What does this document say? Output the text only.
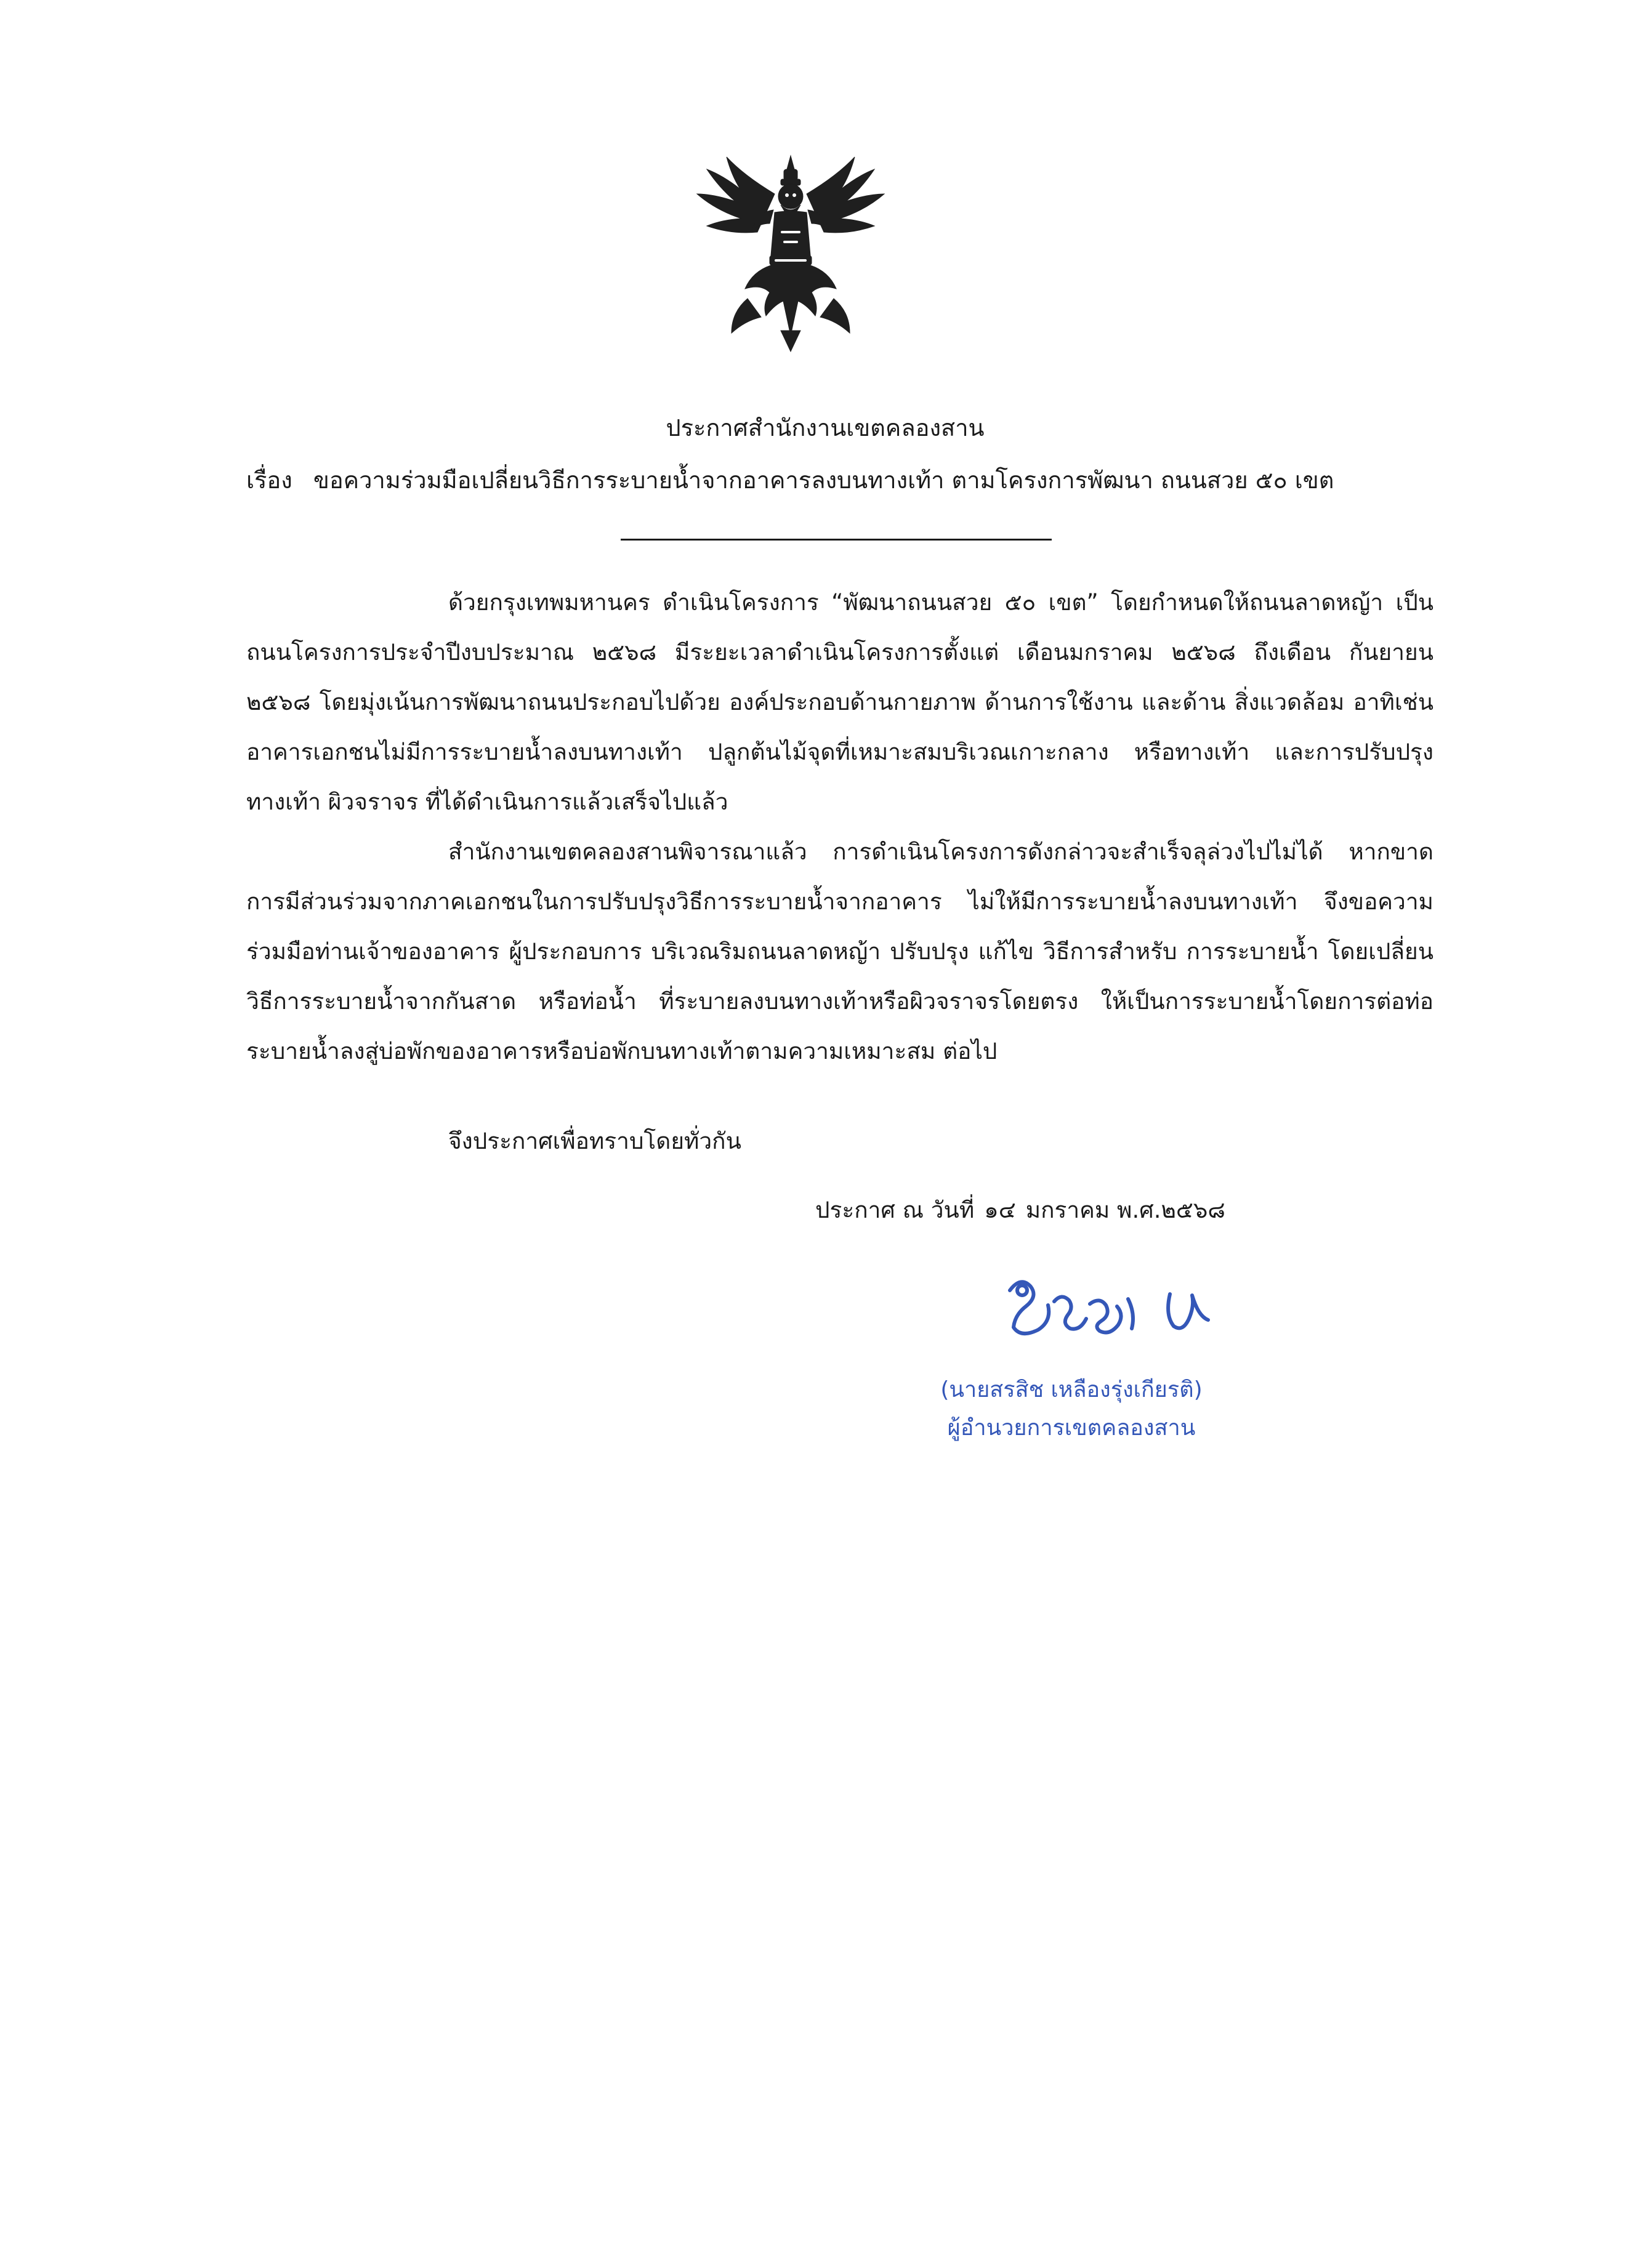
ประกาศสำนักงานเขตคลองสาน
เรื่อง ขอความร่วมมือเปลี่ยนวิธีการระบายน้ำจากอาคารลงบนทางเท้า ตามโครงการพัฒนา ถนนสวย ๕๐ เขต
ด้วยกรุงเทพมหานคร ดำเนินโครงการ “พัฒนาถนนสวย ๕๐ เขต” โดยกำหนดให้ถนนลาดหญ้า เป็นถนนโครงการประจำปีงบประมาณ ๒๕๖๘ มีระยะเวลาดำเนินโครงการตั้งแต่ เดือนมกราคม ๒๕๖๘ ถึงเดือน กันยายน ๒๕๖๘ โดยมุ่งเน้นการพัฒนาถนนประกอบไปด้วย องค์ประกอบด้านกายภาพ ด้านการใช้งาน และด้าน สิ่งแวดล้อม อาทิเช่น อาคารเอกชนไม่มีการระบายน้ำลงบนทางเท้า ปลูกต้นไม้จุดที่เหมาะสมบริเวณเกาะกลาง หรือทางเท้า และการปรับปรุงทางเท้า ผิวจราจร ที่ได้ดำเนินการแล้วเสร็จไปแล้ว
สำนักงานเขตคลองสานพิจารณาแล้ว การดำเนินโครงการดังกล่าวจะสำเร็จลุล่วงไปไม่ได้ หากขาดการมีส่วนร่วมจากภาคเอกชนในการปรับปรุงวิธีการระบายน้ำจากอาคาร ไม่ให้มีการระบายน้ำลงบนทางเท้า จึงขอความร่วมมือท่านเจ้าของอาคาร ผู้ประกอบการ บริเวณริมถนนลาดหญ้า ปรับปรุง แก้ไข วิธีการสำหรับ การระบายน้ำ โดยเปลี่ยนวิธีการระบายน้ำจากกันสาด หรือท่อน้ำ ที่ระบายลงบนทางเท้าหรือผิวจราจรโดยตรง ให้เป็นการระบายน้ำโดยการต่อท่อระบายน้ำลงสู่บ่อพักของอาคารหรือบ่อพักบนทางเท้าตามความเหมาะสม ต่อไป
จึงประกาศเพื่อทราบโดยทั่วกัน
ประกาศ ณ วันที่ ๑๔ มกราคม พ.ศ.๒๕๖๘
(นายสรสิช เหลืองรุ่งเกียรติ)
ผู้อำนวยการเขตคลองสาน
